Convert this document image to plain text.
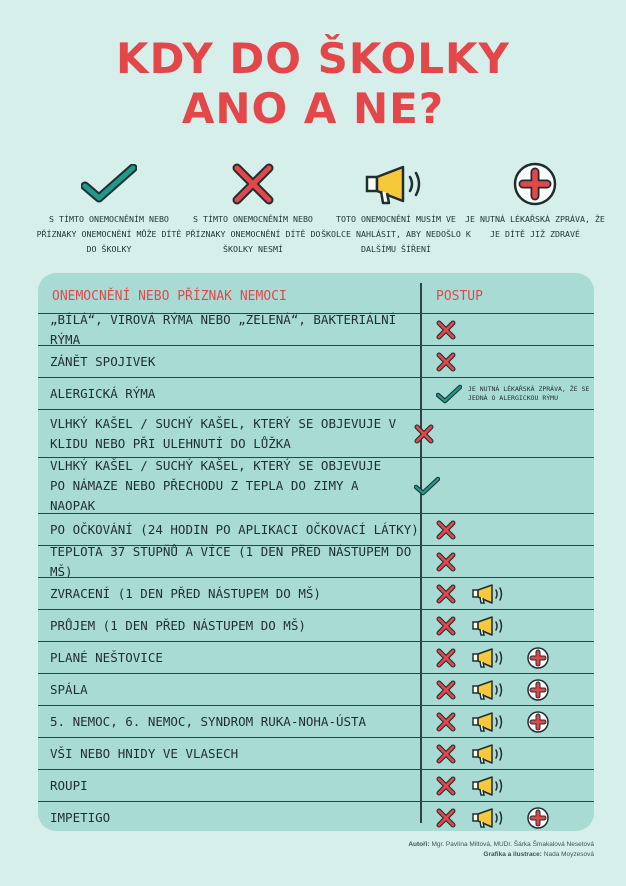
KDY DO ŠKOLKY
ANO A NE?
S TÍMTO ONEMOCNĚNÍM NEBO PŘÍZNAKY ONEMOCNĚNÍ MŮŽE DÍTĚ DO ŠKOLKY
S TÍMTO ONEMOCNĚNÍM NEBO PŘÍZNAKY ONEMOCNĚNÍ DÍTĚ DO ŠKOLKY NESMÍ
TOTO ONEMOCNĚNÍ MUSÍM VE ŠKOLCE NAHLÁSIT, ABY NEDOŠLO K DALŠÍMU ŠÍŘENÍ
JE NUTNÁ LÉKAŘSKÁ ZPRÁVA, ŽE JE DÍTĚ JIŽ ZDRAVÉ
ONEMOCNĚNÍ NEBO PŘÍZNAK NEMOCI	POSTUP
„BÍLÁ“, VIROVÁ RÝMA NEBO „ZELENÁ“, BAKTERIÁLNÍ RÝMA
ZÁNĚT SPOJIVEK
ALERGICKÁ RÝMA	JE NUTNÁ LÉKAŘSKÁ ZPRÁVA, ŽE SE JEDNÁ O ALERGICKOU RÝMU
VLHKÝ KAŠEL / SUCHÝ KAŠEL, KTERÝ SE OBJEVUJE V KLIDU NEBO PŘI ULEHNUTÍ DO LŮŽKA
VLHKÝ KAŠEL / SUCHÝ KAŠEL, KTERÝ SE OBJEVUJE PO NÁMAZE NEBO PŘECHODU Z TEPLA DO ZIMY A NAOPAK
PO OČKOVÁNÍ (24 HODIN PO APLIKACI OČKOVACÍ LÁTKY)
TEPLOTA 37 STUPŇŮ A VÍCE (1 DEN PŘED NÁSTUPEM DO MŠ)
ZVRACENÍ (1 DEN PŘED NÁSTUPEM DO MŠ)
PRŮJEM (1 DEN PŘED NÁSTUPEM DO MŠ)
PLANÉ NEŠTOVICE
SPÁLA
5. NEMOC, 6. NEMOC, SYNDROM RUKA-NOHA-ÚSTA
VŠI NEBO HNIDY VE VLASECH
ROUPI
IMPETIGO
Autoři: Mgr. Pavlína Miltová, MUDr. Šárka Šmakalová Nesetová
Grafika a ilustrace: Nada Moyzesová
